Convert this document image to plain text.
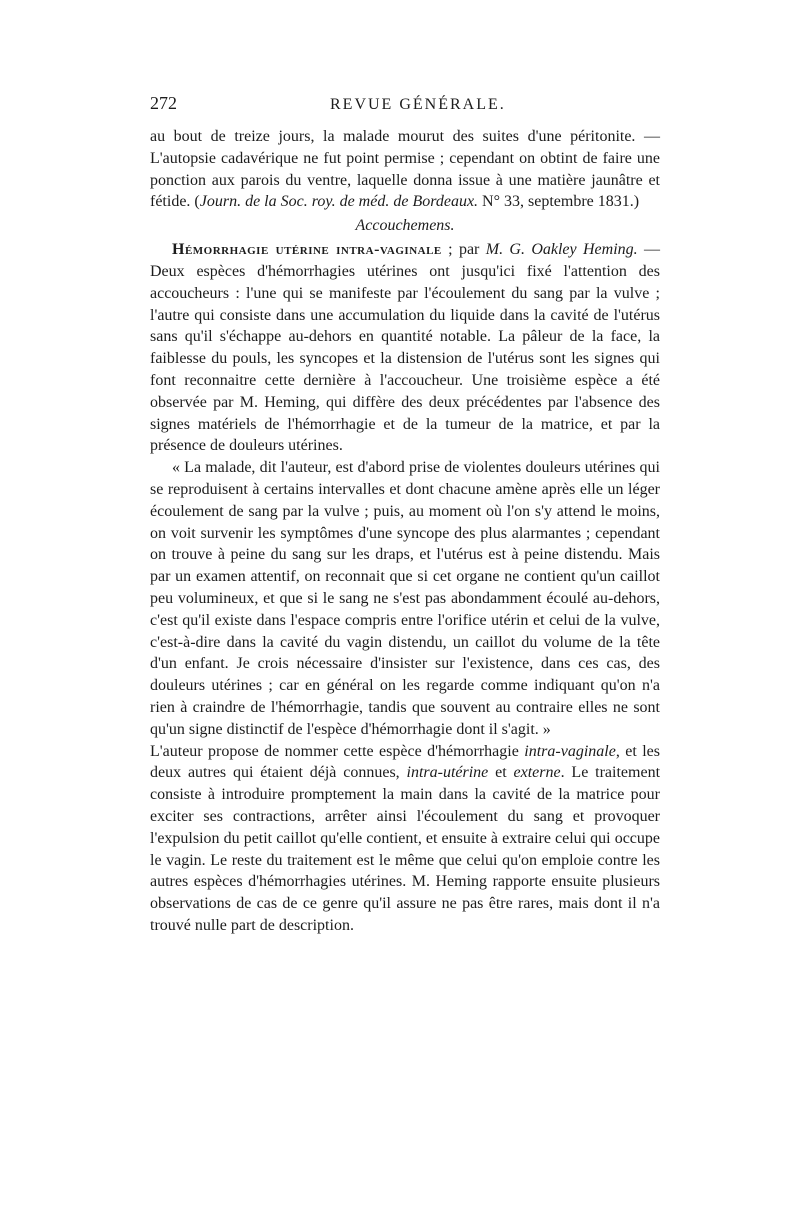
272	REVUE GÉNÉRALE.

au bout de treize jours, la malade mourut des suites d'une péritonite. — L'autopsie cadavérique ne fut point permise ; cependant on obtint de faire une ponction aux parois du ventre, laquelle donna issue à une matière jaunâtre et fétide. (Journ. de la Soc. roy. de méd. de Bordeaux. N° 33, septembre 1831.)

Accouchemens.

Hémorrhagie utérine intra-vaginale ; par M. G. Oakley Heming. — Deux espèces d'hémorrhagies utérines ont jusqu'ici fixé l'attention des accoucheurs : l'une qui se manifeste par l'écoulement du sang par la vulve ; l'autre qui consiste dans une accumulation du liquide dans la cavité de l'utérus sans qu'il s'échappe au-dehors en quantité notable. La pâleur de la face, la faiblesse du pouls, les syncopes et la distension de l'utérus sont les signes qui font reconnaitre cette dernière à l'accoucheur. Une troisième espèce a été observée par M. Heming, qui diffère des deux précédentes par l'absence des signes matériels de l'hémorrhagie et de la tumeur de la matrice, et par la présence de douleurs utérines.

« La malade, dit l'auteur, est d'abord prise de violentes douleurs utérines qui se reproduisent à certains intervalles et dont chacune amène après elle un léger écoulement de sang par la vulve ; puis, au moment où l'on s'y attend le moins, on voit survenir les symptômes d'une syncope des plus alarmantes ; cependant on trouve à peine du sang sur les draps, et l'utérus est à peine distendu. Mais par un examen attentif, on reconnait que si cet organe ne contient qu'un caillot peu volumineux, et que si le sang ne s'est pas abondamment écoulé au-dehors, c'est qu'il existe dans l'espace compris entre l'orifice utérin et celui de la vulve, c'est-à-dire dans la cavité du vagin distendu, un caillot du volume de la tête d'un enfant. Je crois nécessaire d'insister sur l'existence, dans ces cas, des douleurs utérines ; car en général on les regarde comme indiquant qu'on n'a rien à craindre de l'hémorrhagie, tandis que souvent au contraire elles ne sont qu'un signe distinctif de l'espèce d'hémorrhagie dont il s'agit. »

L'auteur propose de nommer cette espèce d'hémorrhagie intra-vaginale, et les deux autres qui étaient déjà connues, intra-utérine et externe. Le traitement consiste à introduire promptement la main dans la cavité de la matrice pour exciter ses contractions, arrêter ainsi l'écoulement du sang et provoquer l'expulsion du petit caillot qu'elle contient, et ensuite à extraire celui qui occupe le vagin. Le reste du traitement est le même que celui qu'on emploie contre les autres espèces d'hémorrhagies utérines. M. Heming rapporte ensuite plusieurs observations de cas de ce genre qu'il assure ne pas être rares, mais dont il n'a trouvé nulle part de description.
